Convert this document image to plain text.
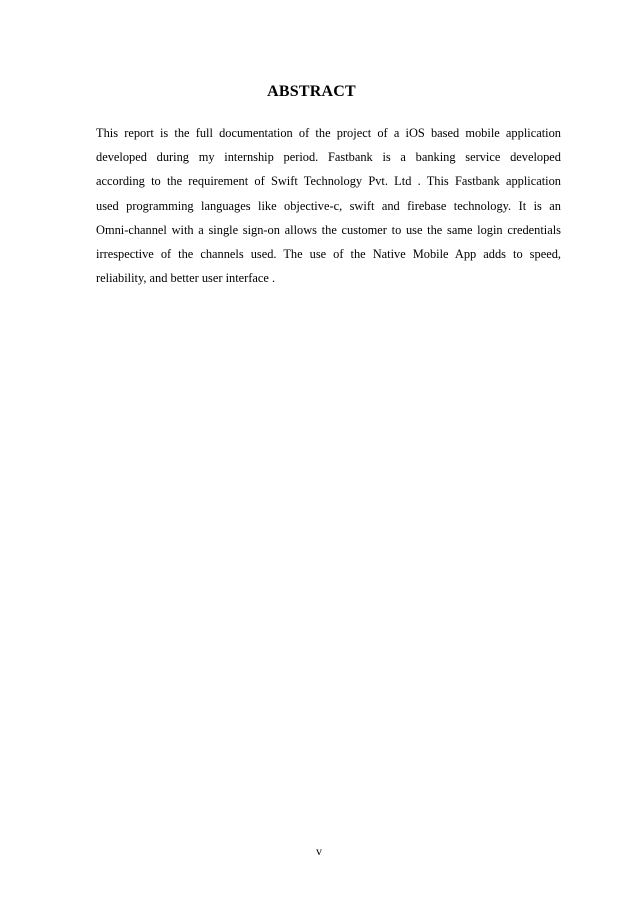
ABSTRACT
This report is the full documentation of the project of a iOS based mobile application
developed during my internship period. Fastbank is a banking service developed
according to the requirement of Swift Technology Pvt. Ltd . This Fastbank application
used programming languages like objective-c, swift and firebase technology. It is an
Omni-channel with a single sign-on allows the customer to use the same login credentials
irrespective of the channels used. The use of the Native Mobile App adds to speed,
reliability, and better user interface .
v
